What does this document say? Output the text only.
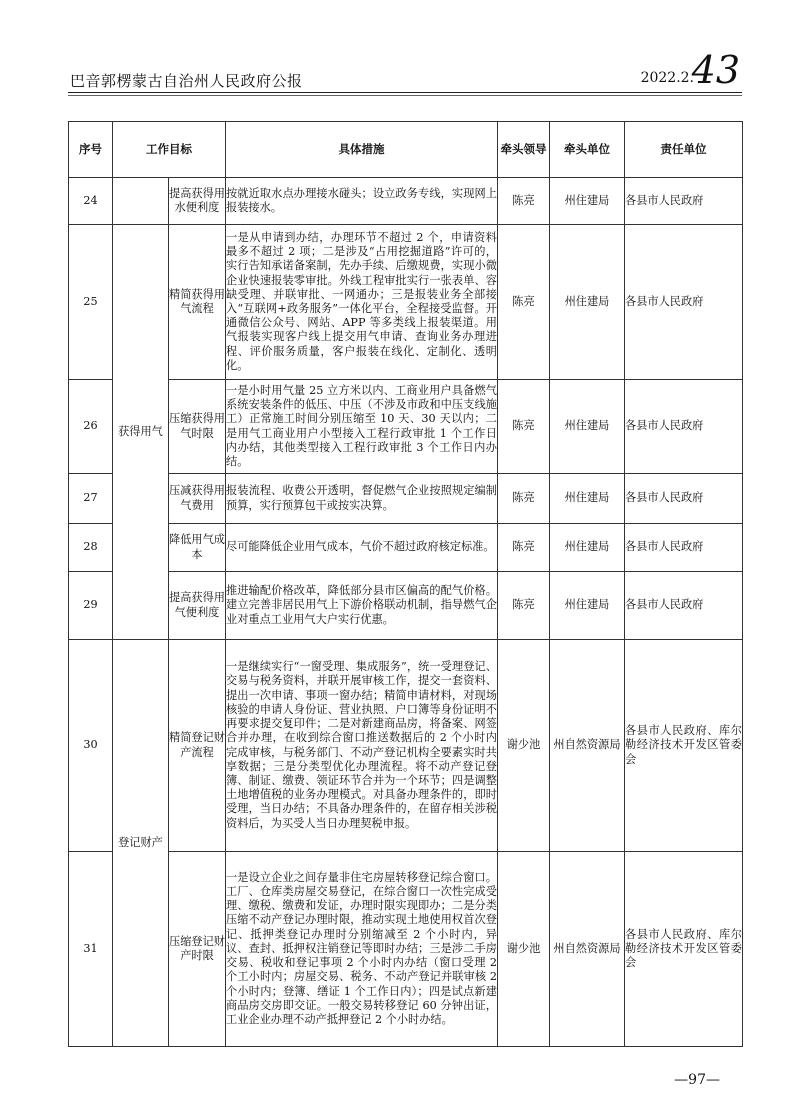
巴音郭楞蒙古自治州人民政府公报	2022.2.
43
序号	工作目标		具体措施	牵头领导	牵头单位	责任单位
24		提高获得用水便利度	按就近取水点办理接水碰头；设立政务专线，实现网上报装接水。	陈亮	州住建局	各县市人民政府
25	获得用气	精简获得用气流程	一是从申请到办结，办理环节不超过 2 个，申请资料最多不超过 2 项；二是涉及“占用挖掘道路”许可的，实行告知承诺备案制，先办手续、后缴规费，实现小微企业快速报装零审批。外线工程审批实行一张表单、容缺受理、并联审批、一网通办；三是报装业务全部接入“互联网+政务服务”一体化平台，全程接受监督。开通微信公众号、网站、APP 等多类线上报装渠道。用气报装实现客户线上提交用气申请、查询业务办理进程、评价服务质量，客户报装在线化、定制化、透明化。	陈亮	州住建局	各县市人民政府
26		压缩获得用气时限	一是小时用气量 25 立方米以内、工商业用户具备燃气系统安装条件的低压、中压（不涉及市政和中压支线施工）正常施工时间分别压缩至 10 天、30 天以内；二是用气工商业用户小型接入工程行政审批 1 个工作日内办结，其他类型接入工程行政审批 3 个工作日内办结。	陈亮	州住建局	各县市人民政府
27		压减获得用气费用	报装流程、收费公开透明，督促燃气企业按照规定编制预算，实行预算包干或按实决算。	陈亮	州住建局	各县市人民政府
28		降低用气成本	尽可能降低企业用气成本，气价不超过政府核定标准。	陈亮	州住建局	各县市人民政府
29		提高获得用气便利度	推进输配价格改革，降低部分县市区偏高的配气价格。建立完善非居民用气上下游价格联动机制，指导燃气企业对重点工业用气大户实行优惠。	陈亮	州住建局	各县市人民政府
30	登记财产	精简登记财产流程	一是继续实行“一窗受理、集成服务”，统一受理登记、交易与税务资料，并联开展审核工作，提交一套资料、提出一次申请、事项一窗办结；精简申请材料，对现场核验的申请人身份证、营业执照、户口簿等身份证明不再要求提交复印件；二是对新建商品房，将备案、网签合并办理，在收到综合窗口推送数据后的 2 个小时内完成审核，与税务部门、不动产登记机构全要素实时共享数据；三是分类型优化办理流程。将不动产登记登簿、制证、缴费、领证环节合并为一个环节；四是调整土地增值税的业务办理模式。对具备办理条件的，即时受理，当日办结；不具备办理条件的，在留存相关涉税资料后，为买受人当日办理契税申报。	谢少池	州自然资源局	各县市人民政府、库尔勒经济技术开发区管委会
31		压缩登记财产时限	一是设立企业之间存量非住宅房屋转移登记综合窗口。工厂、仓库类房屋交易登记，在综合窗口一次性完成受理、缴税、缴费和发证，办理时限实现即办；二是分类压缩不动产登记办理时限，推动实现土地使用权首次登记、抵押类登记办理时分别缩减至 2 个小时内，异议、查封、抵押权注销登记等即时办结；三是涉二手房交易、税收和登记事项 2 个小时内办结（窗口受理 2 个工小时内；房屋交易、税务、不动产登记并联审核 2 个小时内；登簿、缮证 1 个工作日内）；四是试点新建商品房交房即交证。一般交易转移登记 60 分钟出证，工业企业办理不动产抵押登记 2 个小时办结。	谢少池	州自然资源局	各县市人民政府、库尔勒经济技术开发区管委会
—97—
